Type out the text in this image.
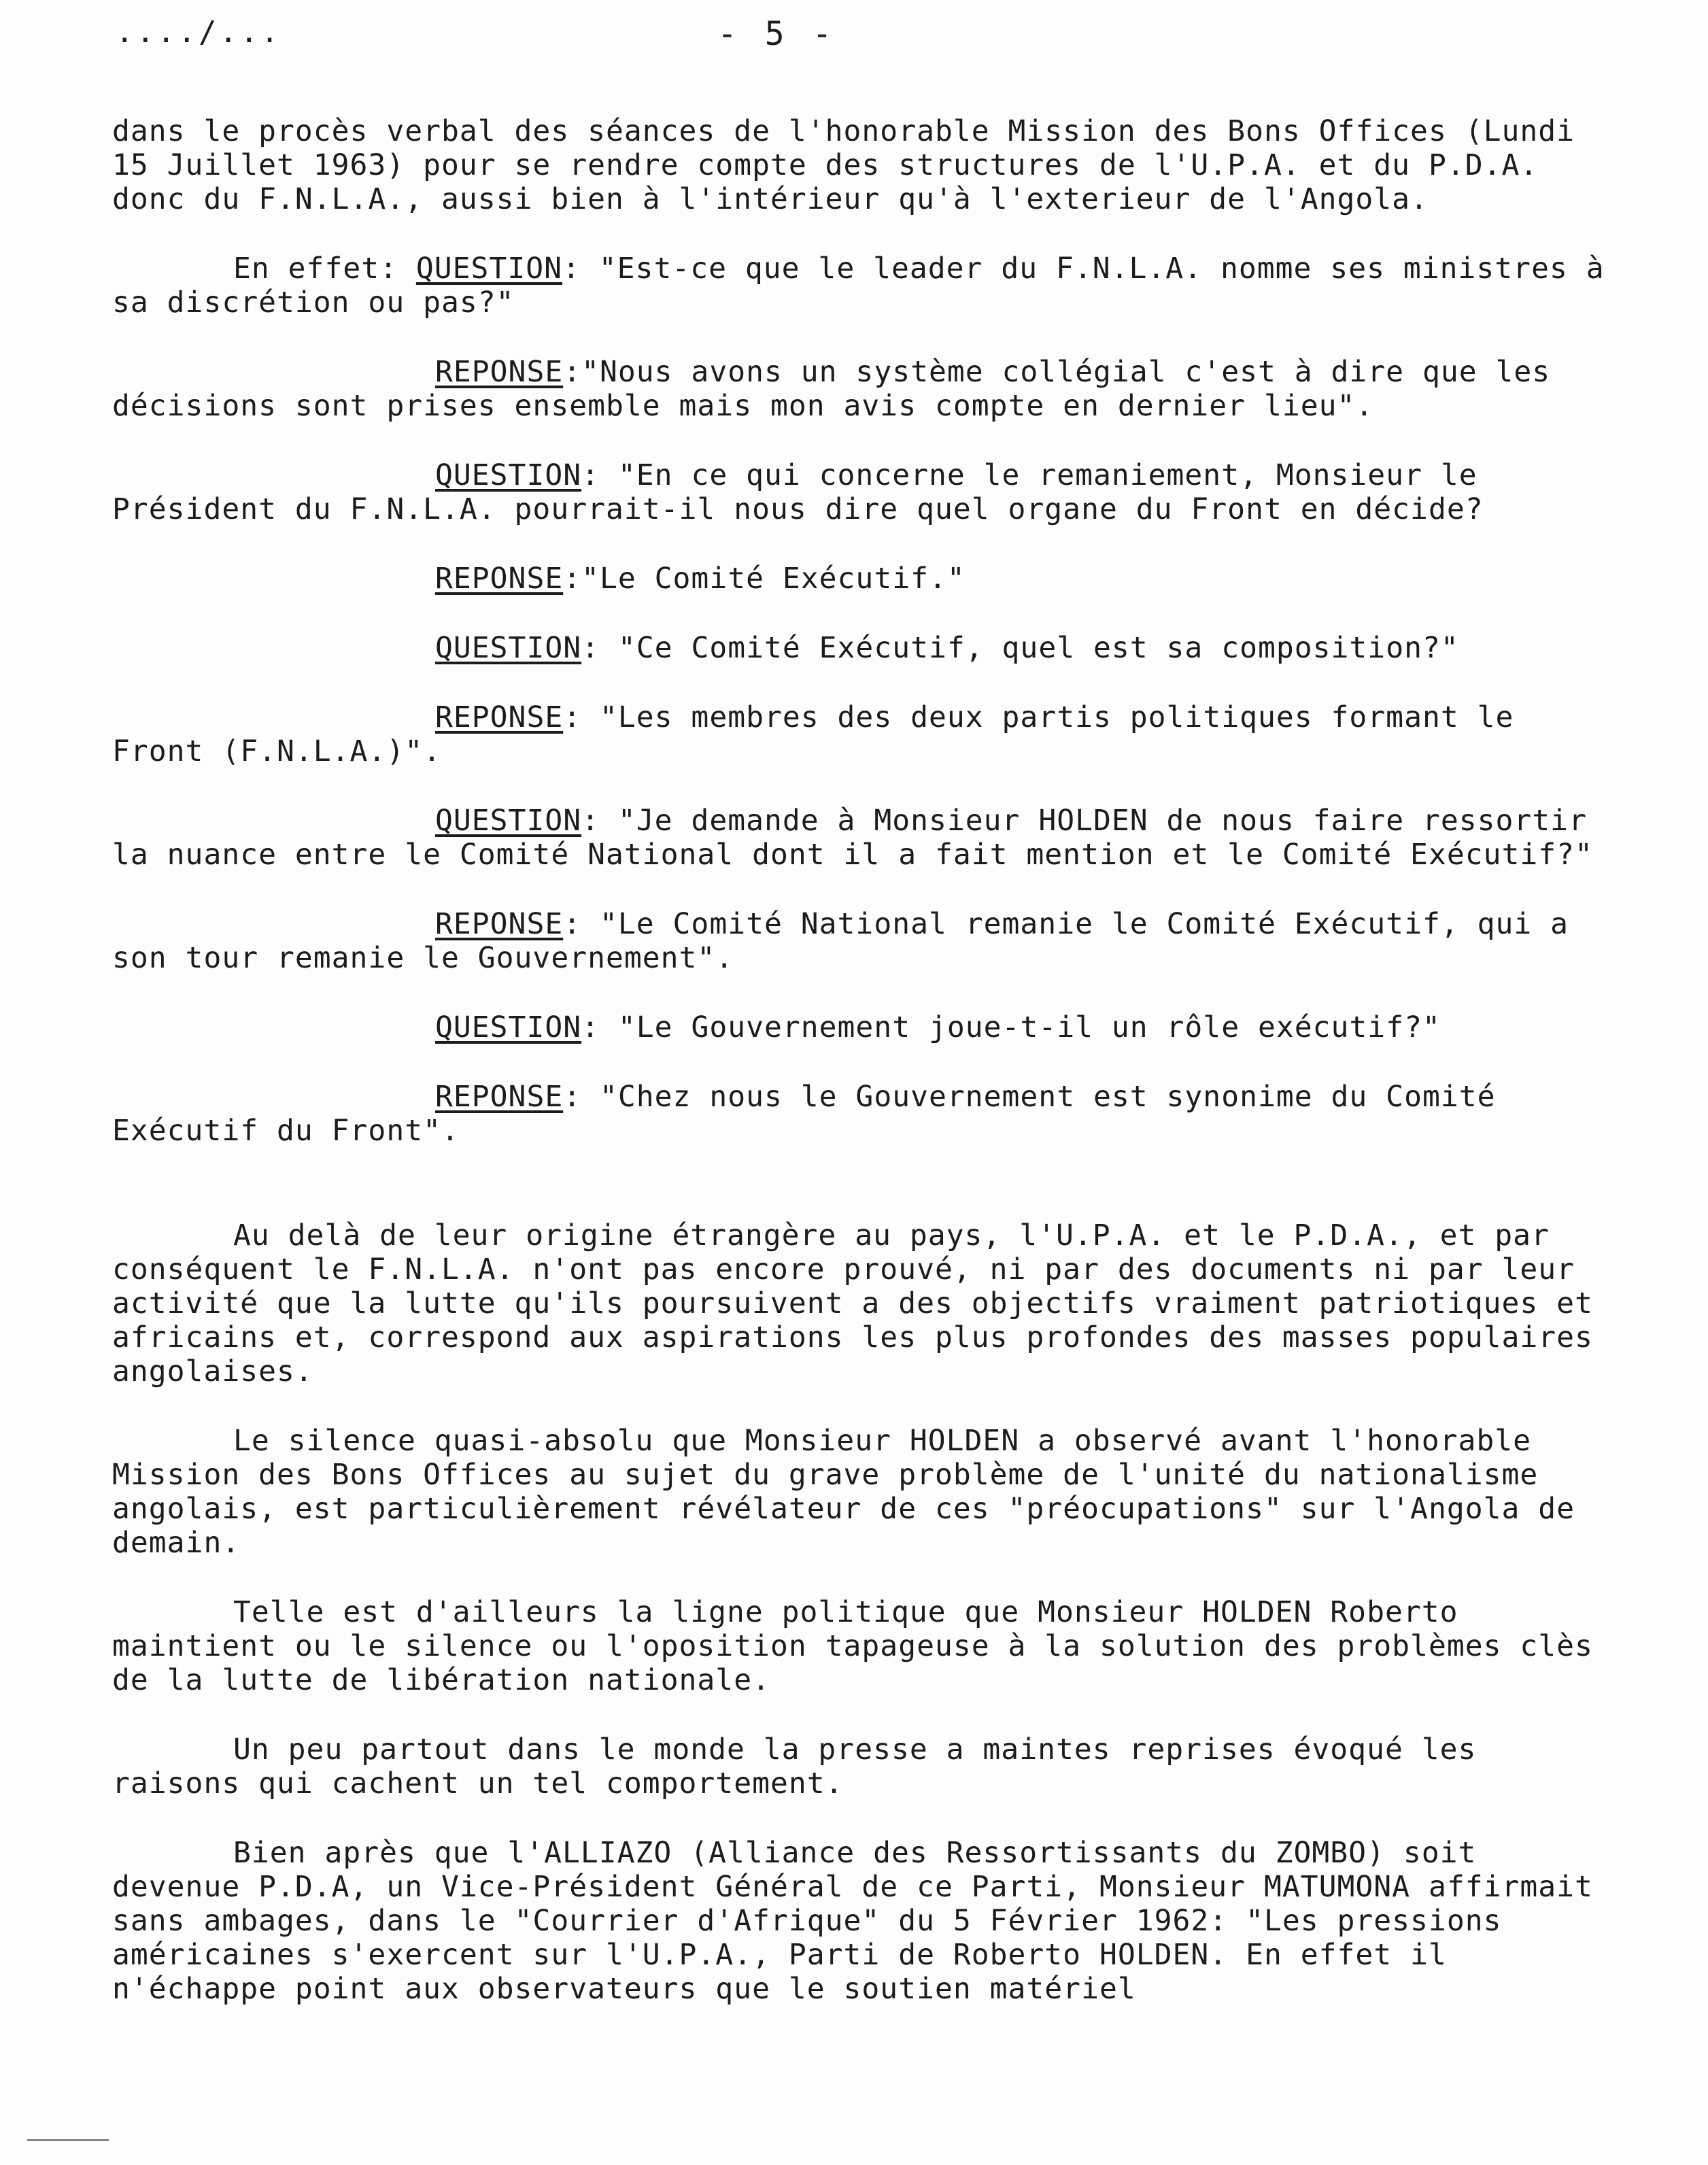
..../...	- 5 -

dans le procès verbal des séances de l'honorable Mission des Bons Offices (Lundi 15 Juillet 1963) pour se rendre compte des structures de l'U.P.A. et du P.D.A. donc du F.N.L.A., aussi bien à l'intérieur qu'à l'exterieur de l'Angola.

En effet: QUESTION: "Est-ce que le leader du F.N.L.A. nomme ses ministres à sa discrétion ou pas?"

REPONSE:"Nous avons un système collégial c'est à dire que les décisions sont prises ensemble mais mon avis compte en dernier lieu".

QUESTION: "En ce qui concerne le remaniement, Monsieur le Président du F.N.L.A. pourrait-il nous dire quel organe du Front en décide?

REPONSE:"Le Comité Exécutif."

QUESTION: "Ce Comité Exécutif, quel est sa composition?"

REPONSE: "Les membres des deux partis politiques formant le Front (F.N.L.A.)".

QUESTION: "Je demande à Monsieur HOLDEN de nous faire ressortir la nuance entre le Comité National dont il a fait mention et le Comité Exécutif?"

REPONSE: "Le Comité National remanie le Comité Exécutif, qui a son tour remanie le Gouvernement".

QUESTION: "Le Gouvernement joue-t-il un rôle exécutif?"

REPONSE: "Chez nous le Gouvernement est synonime du Comité Exécutif du Front".

Au delà de leur origine étrangère au pays, l'U.P.A. et le P.D.A., et par conséquent le F.N.L.A. n'ont pas encore prouvé, ni par des documents ni par leur activité que la lutte qu'ils poursuivent a des objectifs vraiment patriotiques et africains et, correspond aux aspirations les plus profondes des masses populaires angolaises.

Le silence quasi-absolu que Monsieur HOLDEN a observé avant l'honorable Mission des Bons Offices au sujet du grave problème de l'unité du nationalisme angolais, est particulièrement révélateur de ces "préocupations" sur l'Angola de demain.

Telle est d'ailleurs la ligne politique que Monsieur HOLDEN Roberto maintient ou le silence ou l'oposition tapageuse à la solution des problèmes clès de la lutte de libération nationale.

Un peu partout dans le monde la presse a maintes reprises évoqué les raisons qui cachent un tel comportement.

Bien après que l'ALLIAZO (Alliance des Ressortissants du ZOMBO) soit devenue P.D.A, un Vice-Président Général de ce Parti, Monsieur MATUMONA affirmait sans ambages, dans le "Courrier d'Afrique" du 5 Février 1962: "Les pressions américaines s'exercent sur l'U.P.A., Parti de Roberto HOLDEN. En effet il n'échappe point aux observateurs que le soutien matériel
